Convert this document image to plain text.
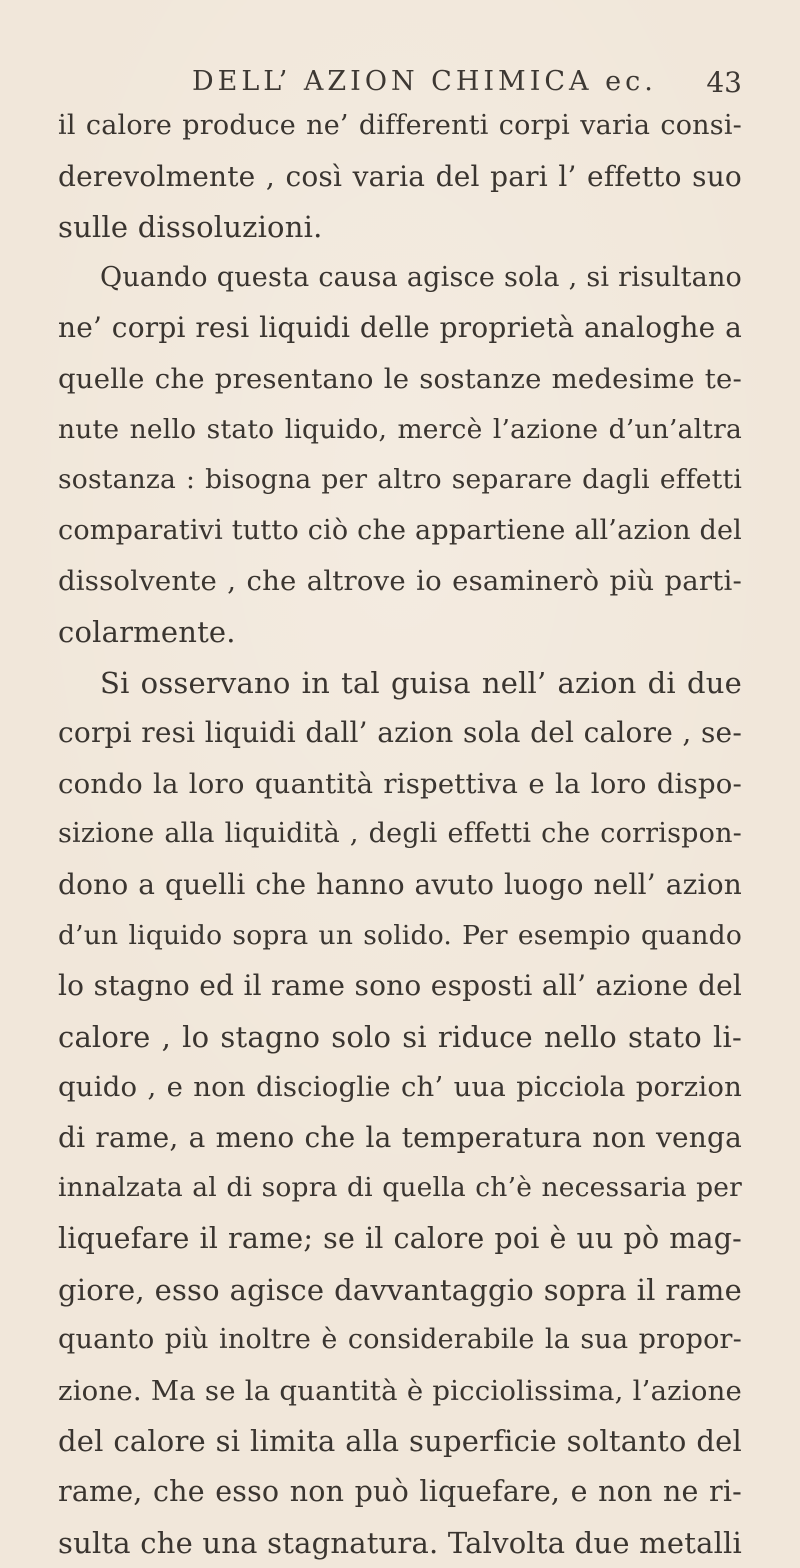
DELL’ AZION CHIMICA ec. 43
il calore produce ne’ differenti corpi varia consi-
derevolmente , così varia del pari l’ effetto suo
sulle dissoluzioni.
Quando questa causa agisce sola , si risultano
ne’ corpi resi liquidi delle proprietà analoghe a
quelle che presentano le sostanze medesime te-
nute nello stato liquido, mercè l’azione d’un’altra
sostanza : bisogna per altro separare dagli effetti
comparativi tutto ciò che appartiene all’azion del
dissolvente , che altrove io esaminerò più parti-
colarmente.
Si osservano in tal guisa nell’ azion di due
corpi resi liquidi dall’ azion sola del calore , se-
condo la loro quantità rispettiva e la loro dispo-
sizione alla liquidità , degli effetti che corrispon-
dono a quelli che hanno avuto luogo nell’ azion
d’un liquido sopra un solido. Per esempio quando
lo stagno ed il rame sono esposti all’ azione del
calore , lo stagno solo si riduce nello stato li-
quido , e non discioglie ch’ uua picciola porzion
di rame, a meno che la temperatura non venga
innalzata al di sopra di quella ch’è necessaria per
liquefare il rame; se il calore poi è uu pò mag-
giore, esso agisce davvantaggio sopra il rame
quanto più inoltre è considerabile la sua propor-
zione. Ma se la quantità è picciolissima, l’azione
del calore si limita alla superficie soltanto del
rame, che esso non può liquefare, e non ne ri-
sulta che una stagnatura. Talvolta due metalli
